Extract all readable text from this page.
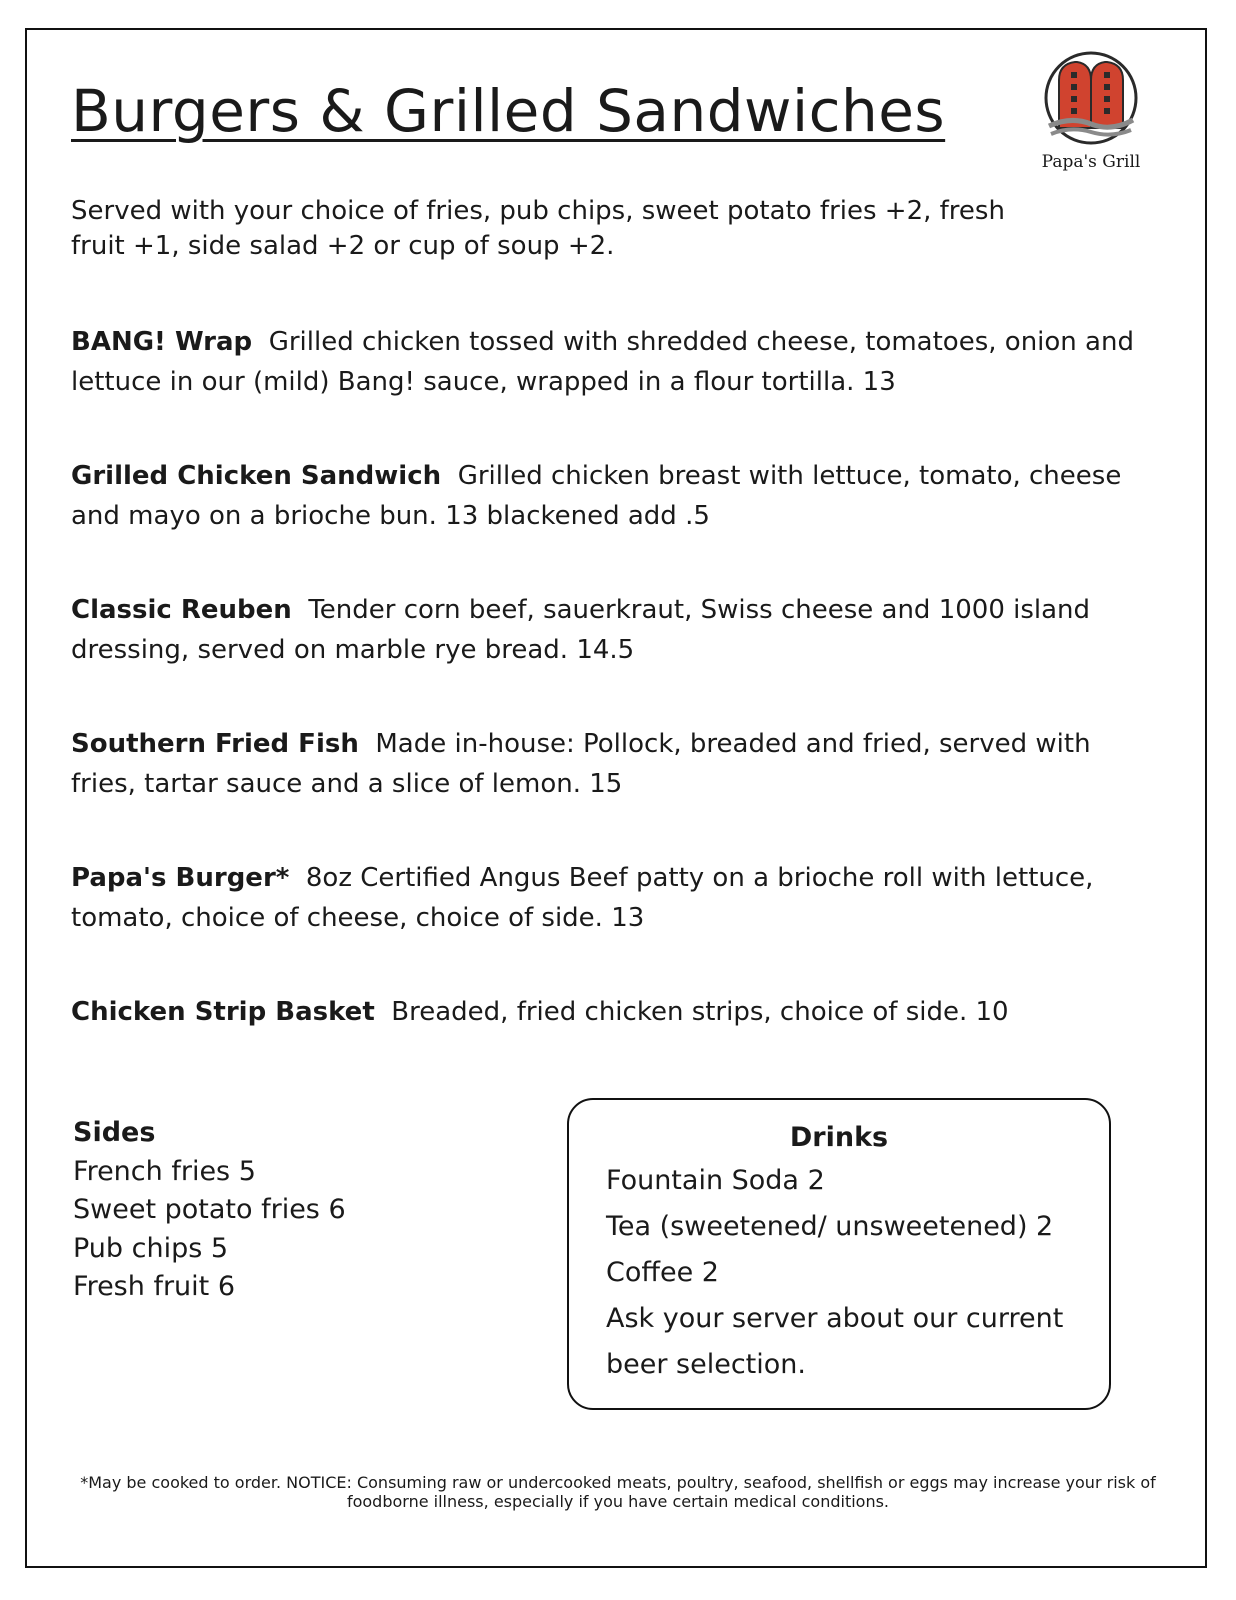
Burgers & Grilled Sandwiches
Papa's Grill

Served with your choice of fries, pub chips, sweet potato fries +2, fresh fruit +1, side salad +2 or cup of soup +2.

BANG! Wrap Grilled chicken tossed with shredded cheese, tomatoes, onion and lettuce in our (mild) Bang! sauce, wrapped in a flour tortilla. 13

Grilled Chicken Sandwich Grilled chicken breast with lettuce, tomato, cheese and mayo on a brioche bun. 13 blackened add .5

Classic Reuben Tender corn beef, sauerkraut, Swiss cheese and 1000 island dressing, served on marble rye bread. 14.5

Southern Fried Fish Made in-house: Pollock, breaded and fried, served with fries, tartar sauce and a slice of lemon. 15

Papa's Burger* 8oz Certified Angus Beef patty on a brioche roll with lettuce, tomato, choice of cheese, choice of side. 13

Chicken Strip Basket Breaded, fried chicken strips, choice of side. 10

Sides
French fries 5
Sweet potato fries 6
Pub chips 5
Fresh fruit 6
Drinks
Fountain Soda 2
Tea (sweetened/ unsweetened) 2
Coffee 2
Ask your server about our current
beer selection.
*May be cooked to order. NOTICE: Consuming raw or undercooked meats, poultry, seafood, shellfish or eggs may increase your risk of foodborne illness, especially if you have certain medical conditions.
